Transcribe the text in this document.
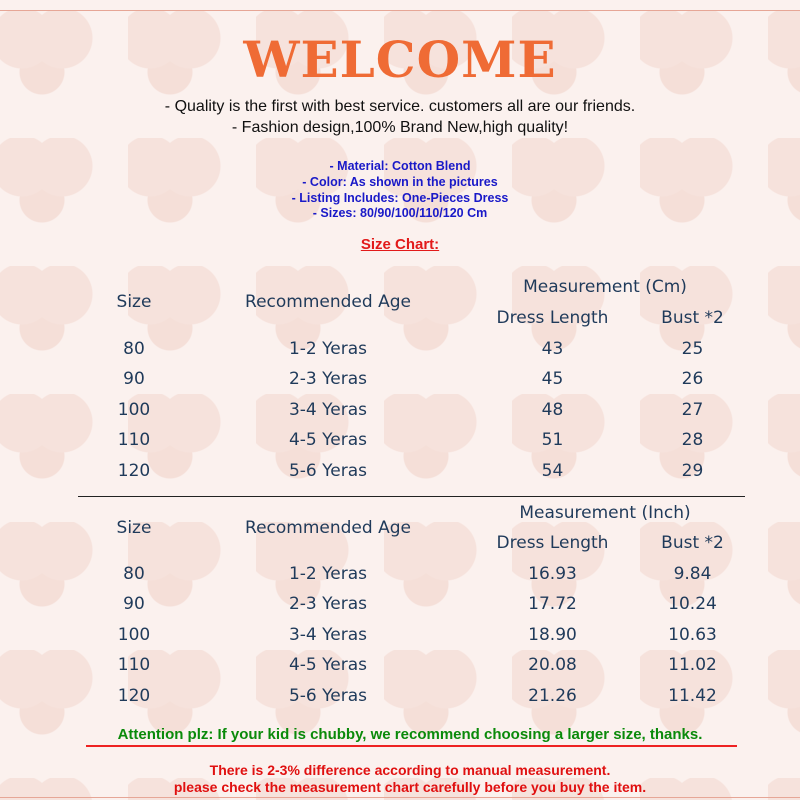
WELCOME
- Quality is the first with best service. customers all are our friends.
- Fashion design,100% Brand New,high quality!
- Material: Cotton Blend
- Color: As shown in the pictures
- Listing Includes: One-Pieces Dress
- Sizes: 80/90/100/110/120 Cm
Size Chart:
Size	Recommended Age
Measurement (Cm)
Dress Length	Bust *2
80	1-2 Yeras	43	25
90	2-3 Yeras	45	26
100	3-4 Yeras	48	27
110	4-5 Yeras	51	28
120	5-6 Yeras	54	29
Size	Recommended Age
Measurement (Inch)
Dress Length	Bust *2
80	1-2 Yeras	16.93	9.84
90	2-3 Yeras	17.72	10.24
100	3-4 Yeras	18.90	10.63
110	4-5 Yeras	20.08	11.02
120	5-6 Yeras	21.26	11.42
Attention plz: If your kid is chubby, we recommend choosing a larger size, thanks.
There is 2-3% difference according to manual measurement.
please check the measurement chart carefully before you buy the item.
